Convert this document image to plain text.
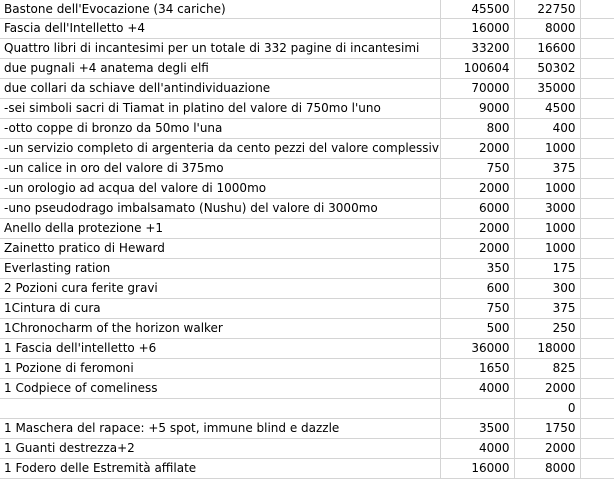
Bastone dell'Evocazione (34 cariche)	45500	22750	
Fascia dell'Intelletto +4	16000	8000	
Quattro libri di incantesimi per un totale di 332 pagine di incantesimi	33200	16600	
due pugnali +4 anatema degli elfi	100604	50302	
due collari da schiave dell'antindividuazione	70000	35000	
-sei simboli sacri di Tiamat in platino del valore di 750mo l'uno	9000	4500	
-otto coppe di bronzo da 50mo l'una	800	400	
-un servizio completo di argenteria da cento pezzi del valore complessiv	2000	1000	
-un calice in oro del valore di 375mo	750	375	
-un orologio ad acqua del valore di 1000mo	2000	1000	
-uno pseudodrago imbalsamato (Nushu) del valore di 3000mo	6000	3000	
Anello della protezione +1	2000	1000	
Zainetto pratico di Heward	2000	1000	
Everlasting ration	350	175	
2 Pozioni cura ferite gravi	600	300	
1Cintura di cura	750	375	
1Chronocharm of the horizon walker	500	250	
1 Fascia dell'intelletto +6	36000	18000	
1 Pozione di feromoni	1650	825	
1 Codpiece of comeliness	4000	2000	
		0	
1 Maschera del rapace: +5 spot, immune blind e dazzle	3500	1750	
1 Guanti destrezza+2	4000	2000	
1 Fodero delle Estremità affilate	16000	8000	
